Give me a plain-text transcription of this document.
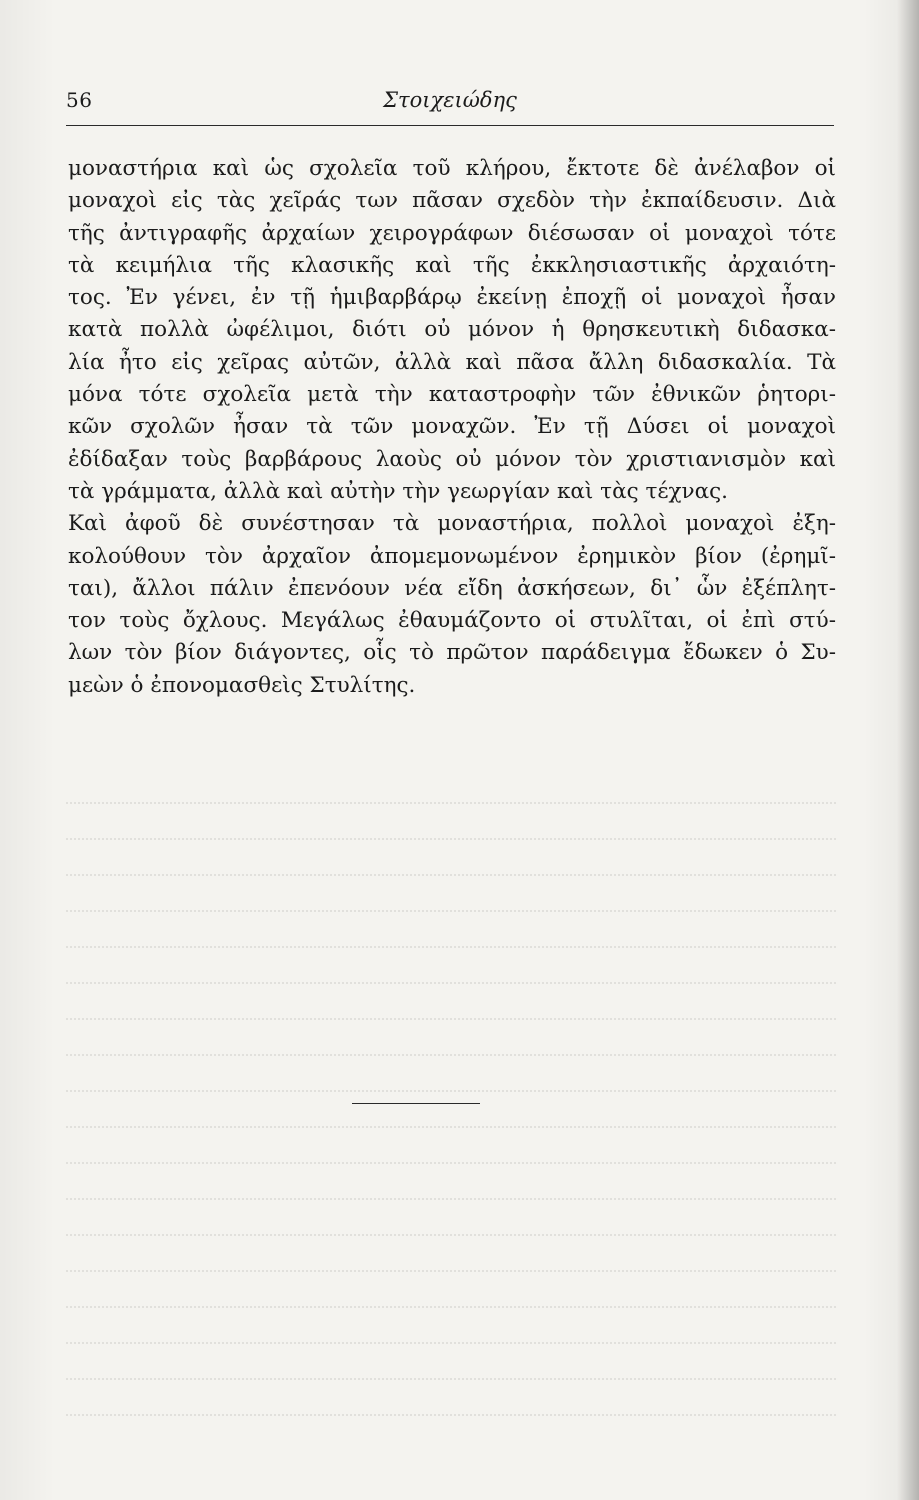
56	Στοιχειώδης
μοναστήρια καὶ ὡς σχολεῖα τοῦ κλήρου, ἔκτοτε δὲ ἀνέλαβον οἱ
μοναχοὶ εἰς τὰς χεῖράς των πᾶσαν σχεδὸν τὴν ἐκπαίδευσιν. Διὰ
τῆς ἀντιγραφῆς ἀρχαίων χειρογράφων διέσωσαν οἱ μοναχοὶ τότε
τὰ κειμήλια τῆς κλασικῆς καὶ τῆς ἐκκλησιαστικῆς ἀρχαιότη-
τος. Ἐν γένει, ἐν τῇ ἡμιβαρβάρῳ ἐκείνῃ ἐποχῇ οἱ μοναχοὶ ἦσαν
κατὰ πολλὰ ὠφέλιμοι, διότι οὐ μόνον ἡ θρησκευτικὴ διδασκα-
λία ἦτο εἰς χεῖρας αὐτῶν, ἀλλὰ καὶ πᾶσα ἄλλη διδασκαλία. Τὰ
μόνα τότε σχολεῖα μετὰ τὴν καταστροφὴν τῶν ἐθνικῶν ῥητορι-
κῶν σχολῶν ἦσαν τὰ τῶν μοναχῶν. Ἐν τῇ Δύσει οἱ μοναχοὶ
ἐδίδαξαν τοὺς βαρβάρους λαοὺς οὐ μόνον τὸν χριστιανισμὸν καὶ
τὰ γράμματα, ἀλλὰ καὶ αὐτὴν τὴν γεωργίαν καὶ τὰς τέχνας.
Καὶ ἀφοῦ δὲ συνέστησαν τὰ μοναστήρια, πολλοὶ μοναχοὶ ἐξη-
κολούθουν τὸν ἀρχαῖον ἀπομεμονωμένον ἐρημικὸν βίον (ἐρημῖ-
ται), ἄλλοι πάλιν ἐπενόουν νέα εἴδη ἀσκήσεων, δι᾽ ὧν ἐξέπλητ-
τον τοὺς ὄχλους. Μεγάλως ἐθαυμάζοντο οἱ στυλῖται, οἱ ἐπὶ στύ-
λων τὸν βίον διάγοντες, οἷς τὸ πρῶτον παράδειγμα ἔδωκεν ὁ Συ-
μεὼν ὁ ἐπονομασθεὶς Στυλίτης.
